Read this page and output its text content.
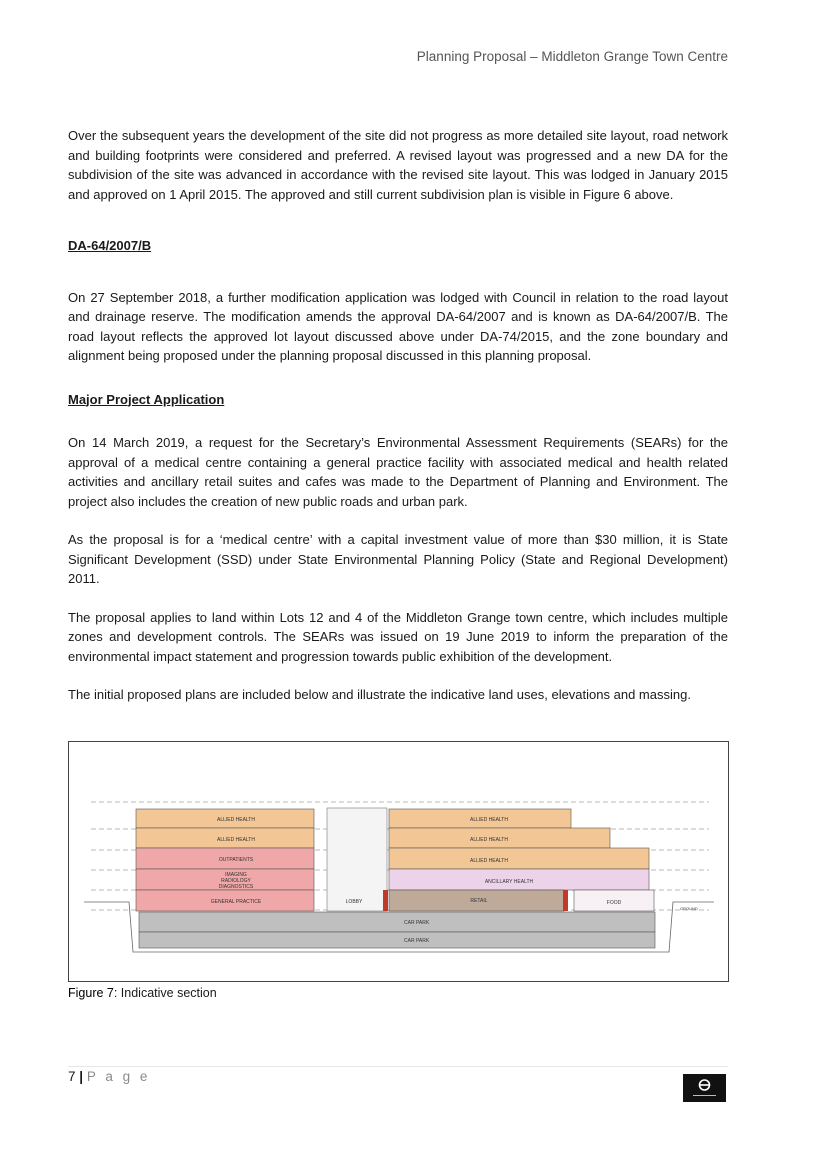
Planning Proposal – Middleton Grange Town Centre

Over the subsequent years the development of the site did not progress as more detailed site layout, road network and building footprints were considered and preferred. A revised layout was progressed and a new DA for the subdivision of the site was advanced in accordance with the revised site layout. This was lodged in January 2015 and approved on 1 April 2015. The approved and still current subdivision plan is visible in Figure 6 above.

DA-64/2007/B

On 27 September 2018, a further modification application was lodged with Council in relation to the road layout and drainage reserve. The modification amends the approval DA-64/2007 and is known as DA-64/2007/B. The road layout reflects the approved lot layout discussed above under DA-74/2015, and the zone boundary and alignment being proposed under the planning proposal discussed in this planning proposal.

Major Project Application

On 14 March 2019, a request for the Secretary’s Environmental Assessment Requirements (SEARs) for the approval of a medical centre containing a general practice facility with associated medical and health related activities and ancillary retail suites and cafes was made to the Department of Planning and Environment. The project also includes the creation of new public roads and urban park.

As the proposal is for a ‘medical centre’ with a capital investment value of more than $30 million, it is State Significant Development (SSD) under State Environmental Planning Policy (State and Regional Development) 2011.

The proposal applies to land within Lots 12 and 4 of the Middleton Grange town centre, which includes multiple zones and development controls. The SEARs was issued on 19 June 2019 to inform the preparation of the environmental impact statement and progression towards public exhibition of the development.

The initial proposed plans are included below and illustrate the indicative land uses, elevations and massing.

ALLIED HEALTH
ALLIED HEALTH
OUTPATIENTS
IMAGING
RADIOLOGY
DIAGNOSTICS
GENERAL PRACTICE	LOBBY
ALLIED HEALTH
ALLIED HEALTH
ALLIED HEALTH
ANCILLARY HEALTH
RETAIL	FOOD
CAR PARK
CAR PARK
GROUND
Figure 7: Indicative section
7 | P a g e
